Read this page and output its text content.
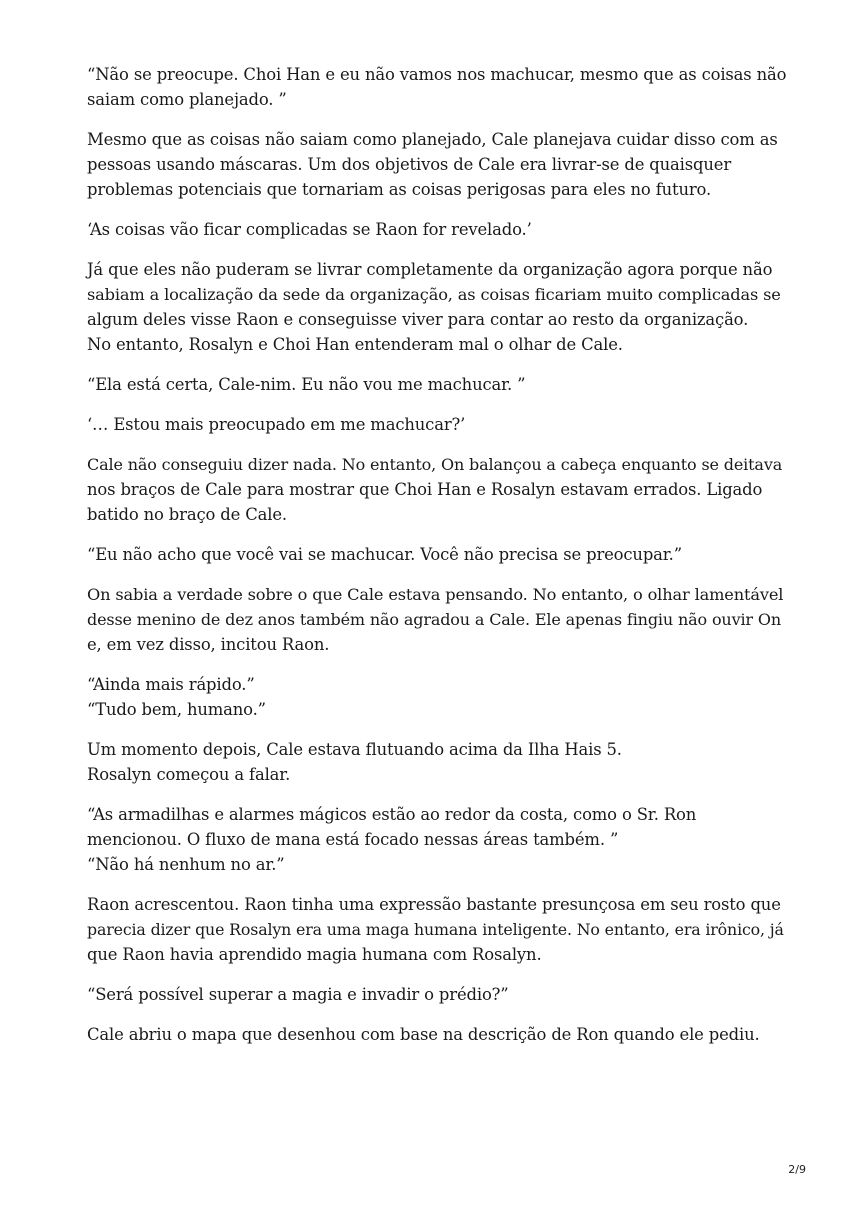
“Não se preocupe. Choi Han e eu não vamos nos machucar, mesmo que as coisas não
saiam como planejado. ”

Mesmo que as coisas não saiam como planejado, Cale planejava cuidar disso com as
pessoas usando máscaras. Um dos objetivos de Cale era livrar-se de quaisquer
problemas potenciais que tornariam as coisas perigosas para eles no futuro.

‘As coisas vão ficar complicadas se Raon for revelado.’

Já que eles não puderam se livrar completamente da organização agora porque não
sabiam a localização da sede da organização, as coisas ficariam muito complicadas se
algum deles visse Raon e conseguisse viver para contar ao resto da organização.
No entanto, Rosalyn e Choi Han entenderam mal o olhar de Cale.

“Ela está certa, Cale-nim. Eu não vou me machucar. ”

‘… Estou mais preocupado em me machucar?’

Cale não conseguiu dizer nada. No entanto, On balançou a cabeça enquanto se deitava
nos braços de Cale para mostrar que Choi Han e Rosalyn estavam errados. Ligado
batido no braço de Cale.

“Eu não acho que você vai se machucar. Você não precisa se preocupar.”

On sabia a verdade sobre o que Cale estava pensando. No entanto, o olhar lamentável
desse menino de dez anos também não agradou a Cale. Ele apenas fingiu não ouvir On
e, em vez disso, incitou Raon.

“Ainda mais rápido.”
“Tudo bem, humano.”

Um momento depois, Cale estava flutuando acima da Ilha Hais 5.
Rosalyn começou a falar.

“As armadilhas e alarmes mágicos estão ao redor da costa, como o Sr. Ron
mencionou. O fluxo de mana está focado nessas áreas também. ”
“Não há nenhum no ar.”

Raon acrescentou. Raon tinha uma expressão bastante presunçosa em seu rosto que
parecia dizer que Rosalyn era uma maga humana inteligente. No entanto, era irônico, já
que Raon havia aprendido magia humana com Rosalyn.

“Será possível superar a magia e invadir o prédio?”

Cale abriu o mapa que desenhou com base na descrição de Ron quando ele pediu.

2/9
